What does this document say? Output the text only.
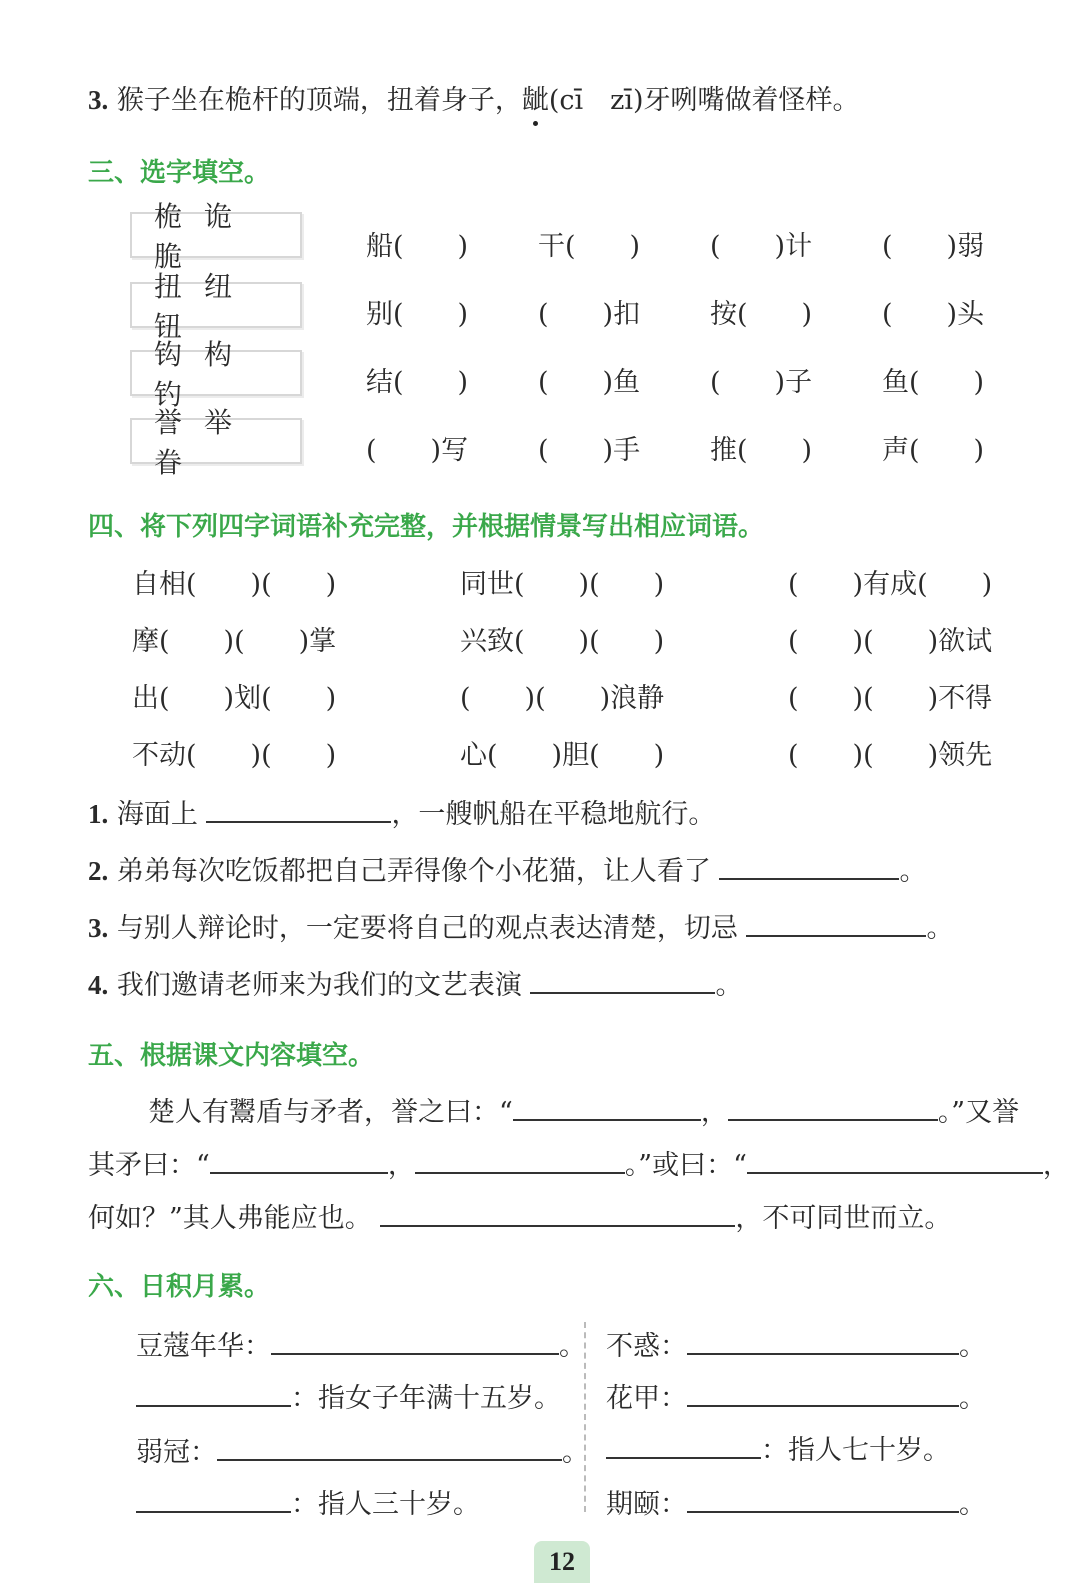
3. 猴子坐在桅杆的顶端，扭着身子，龇(cī　zī)牙咧嘴做着怪样。
三、选字填空。
桅诡脆
扭纽钮
钩构钓
誉举眷
船(　　)	干(　　)	(　　)计	(　　)弱
别(　　)	(　　)扣	按(　　)	(　　)头
结(　　)	(　　)鱼	(　　)子	鱼(　　)
(　　)写	(　　)手	推(　　)	声(　　)
四、将下列四字词语补充完整，并根据情景写出相应词语。
自相(　　)(　　)	同世(　　)(　　)	(　　)有成(　　)
摩(　　)(　　)掌	兴致(　　)(　　)	(　　)(　　)欲试
出(　　)划(　　)	(　　)(　　)浪静	(　　)(　　)不得
不动(　　)(　　)	心(　　)胆(　　)	(　　)(　　)领先
1. 海面上	，一艘帆船在平稳地航行。
2. 弟弟每次吃饭都把自己弄得像个小花猫，让人看了	。
3. 与别人辩论时，一定要将自己的观点表达清楚，切忌	。
4. 我们邀请老师来为我们的文艺表演	。
五、根据课文内容填空。
楚人有鬻盾与矛者，誉之曰：“	，	。”又誉
其矛曰：“	，	。”或曰：“	，
何如？”其人弗能应也。	，不可同世而立。
六、日积月累。
豆蔻年华：	。
：指女子年满十五岁。
弱冠：	。
：指人三十岁。
不惑：	。
花甲：	。
：指人七十岁。
期颐：	。
12
